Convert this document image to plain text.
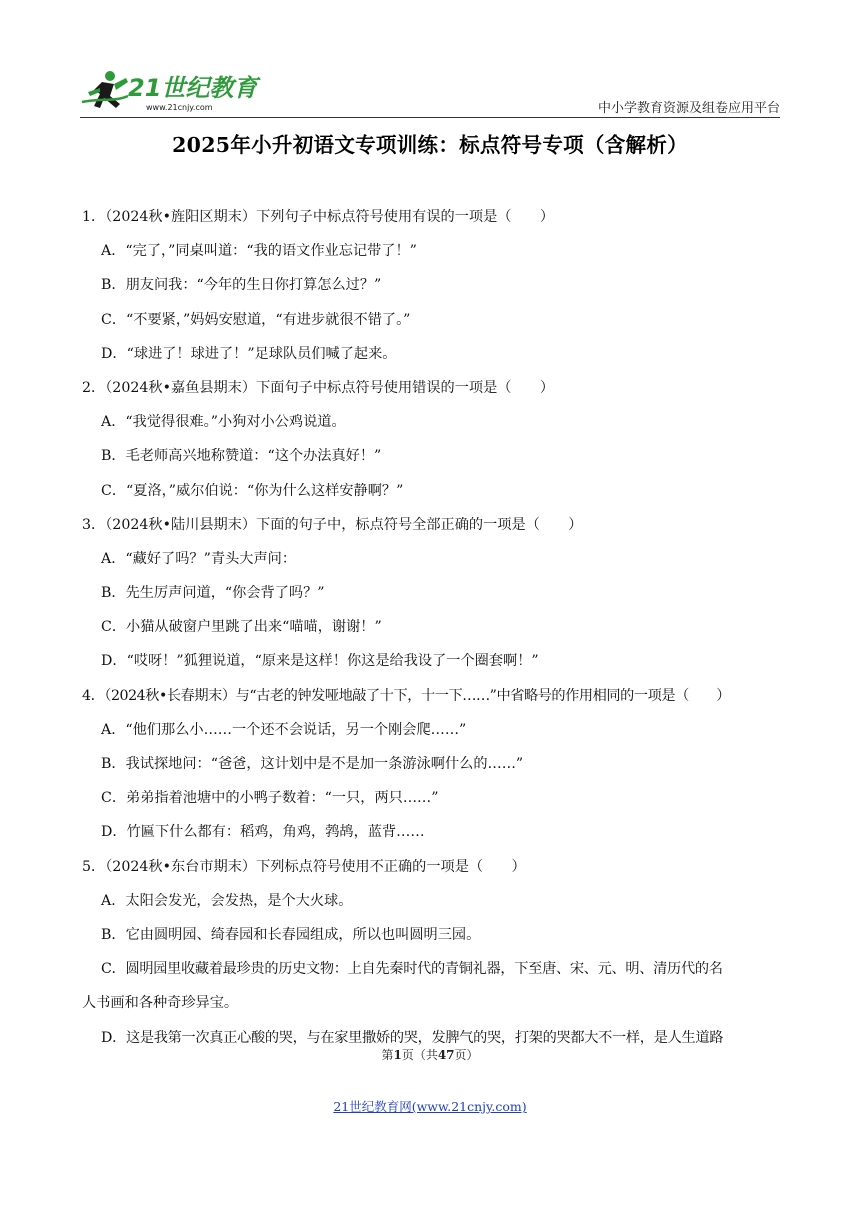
21世纪教育
www.21cnjy.com	中小学教育资源及组卷应用平台
2025年小升初语文专项训练：标点符号专项（含解析）
1．（2024秋•旌阳区期末）下列句子中标点符号使用有误的一项是（　　）
A．“完了，”同桌叫道：“我的语文作业忘记带了！”
B．朋友问我：“今年的生日你打算怎么过？”
C．“不要紧，”妈妈安慰道，“有进步就很不错了。”
D．“球进了！球进了！”足球队员们喊了起来。
2．（2024秋•嘉鱼县期末）下面句子中标点符号使用错误的一项是（　　）
A．“我觉得很难。”小狗对小公鸡说道。
B．毛老师高兴地称赞道：“这个办法真好！”
C．“夏洛，”威尔伯说：“你为什么这样安静啊？”
3．（2024秋•陆川县期末）下面的句子中，标点符号全部正确的一项是（　　）
A．“藏好了吗？”青头大声问：
B．先生厉声问道，“你会背了吗？”
C．小猫从破窗户里跳了出来“喵喵，谢谢！”
D．“哎呀！”狐狸说道，“原来是这样！你这是给我设了一个圈套啊！”
4．（2024秋•长春期末）与“古老的钟发哑地敲了十下，十一下……”中省略号的作用相同的一项是（　　）
A．“他们那么小……一个还不会说话，另一个刚会爬……”
B．我试探地问：“爸爸，这计划中是不是加一条游泳啊什么的……”
C．弟弟指着池塘中的小鸭子数着：“一只，两只……”
D．竹匾下什么都有：稻鸡，角鸡，鹁鸪，蓝背……
5．（2024秋•东台市期末）下列标点符号使用不正确的一项是（　　）
A．太阳会发光，会发热，是个大火球。
B．它由圆明园、绮春园和长春园组成，所以也叫圆明三园。
C．圆明园里收藏着最珍贵的历史文物：上自先秦时代的青铜礼器，下至唐、宋、元、明、清历代的名
人书画和各种奇珍异宝。
D．这是我第一次真正心酸的哭，与在家里撒娇的哭，发脾气的哭，打架的哭都大不一样，是人生道路
第1页（共47页）
21世纪教育网(www.21cnjy.com)
